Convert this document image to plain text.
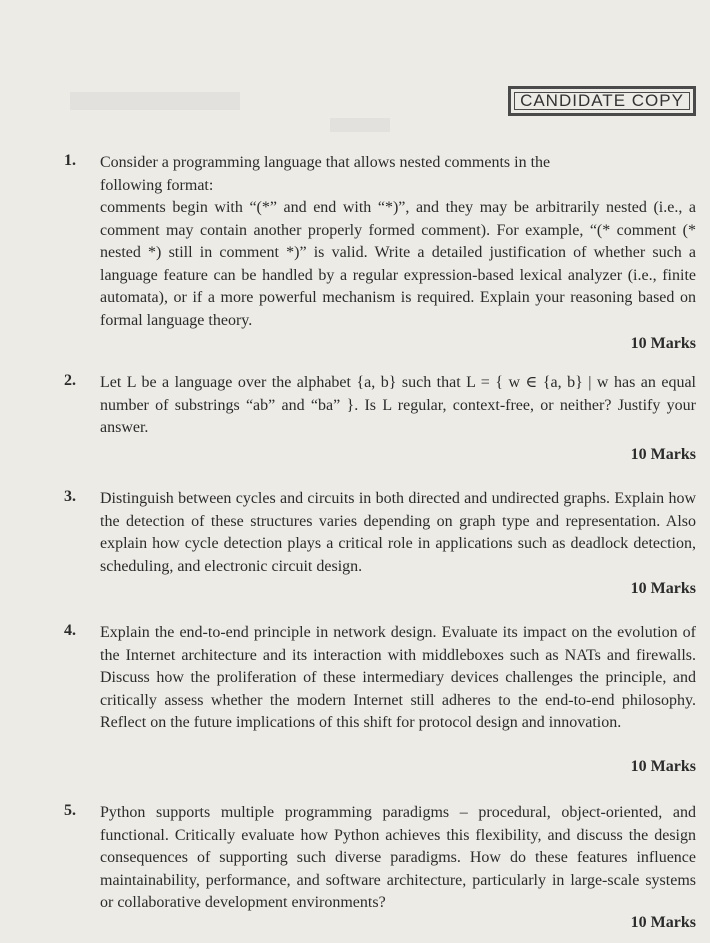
CANDIDATE COPY
1.	Consider a programming language that allows nested comments in the following format:

comments begin with “(*” and end with “*)”, and they may be arbitrarily nested (i.e., a comment may contain another properly formed comment). For example, “(* comment (* nested *) still in comment *)” is valid. Write a detailed justification of whether such a language feature can be handled by a regular expression-based lexical analyzer (i.e., finite automata), or if a more powerful mechanism is required. Explain your reasoning based on formal language theory.

10 Marks
2.	Let L be a language over the alphabet {a, b} such that L = { w ∈ {a, b} | w has an equal number of substrings “ab” and “ba” }. Is L regular, context-free, or neither? Justify your answer.

10 Marks
3.	Distinguish between cycles and circuits in both directed and undirected graphs. Explain how the detection of these structures varies depending on graph type and representation. Also explain how cycle detection plays a critical role in applications such as deadlock detection, scheduling, and electronic circuit design.

10 Marks
4.	Explain the end-to-end principle in network design. Evaluate its impact on the evolution of the Internet architecture and its interaction with middleboxes such as NATs and firewalls. Discuss how the proliferation of these intermediary devices challenges the principle, and critically assess whether the modern Internet still adheres to the end-to-end philosophy. Reflect on the future implications of this shift for protocol design and innovation.

10 Marks
5.	Python supports multiple programming paradigms – procedural, object-oriented, and functional. Critically evaluate how Python achieves this flexibility, and discuss the design consequences of supporting such diverse paradigms. How do these features influence maintainability, performance, and software architecture, particularly in large-scale systems or collaborative development environments?

10 Marks
